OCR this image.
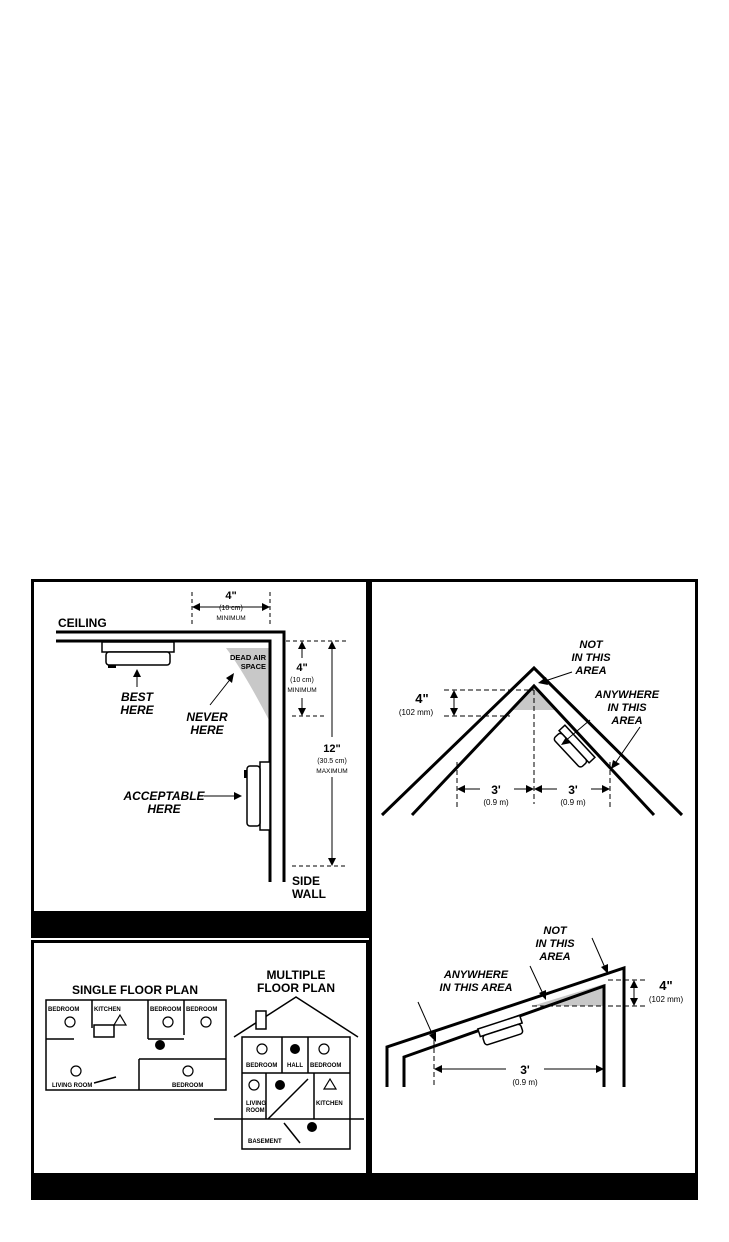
CEILING
4"
(10 cm)
MINIMUM
4"
(10 cm)
MINIMUM
12"
(30.5 cm)
MAXIMUM
SIDE
WALL
DEAD AIR
SPACE
BEST
HERE	NEVER
HERE
ACCEPTABLE
HERE
4"
(102 mm)
3'
(0.9 m)
3'
(0.9 m)
NOT
IN THIS
AREA
ANYWHERE
IN THIS
AREA
4"
(102 mm)
3'
(0.9 m)
NOT
IN THIS
AREA
ANYWHERE
IN THIS AREA
SINGLE FLOOR PLAN
BEDROOM KITCHEN	BEDROOM BEDROOM
LIVING ROOM	BEDROOM
MULTIPLE
FLOOR PLAN
BEDROOM HALL BEDROOM
LIVING
ROOM
KITCHEN
BASEMENT
